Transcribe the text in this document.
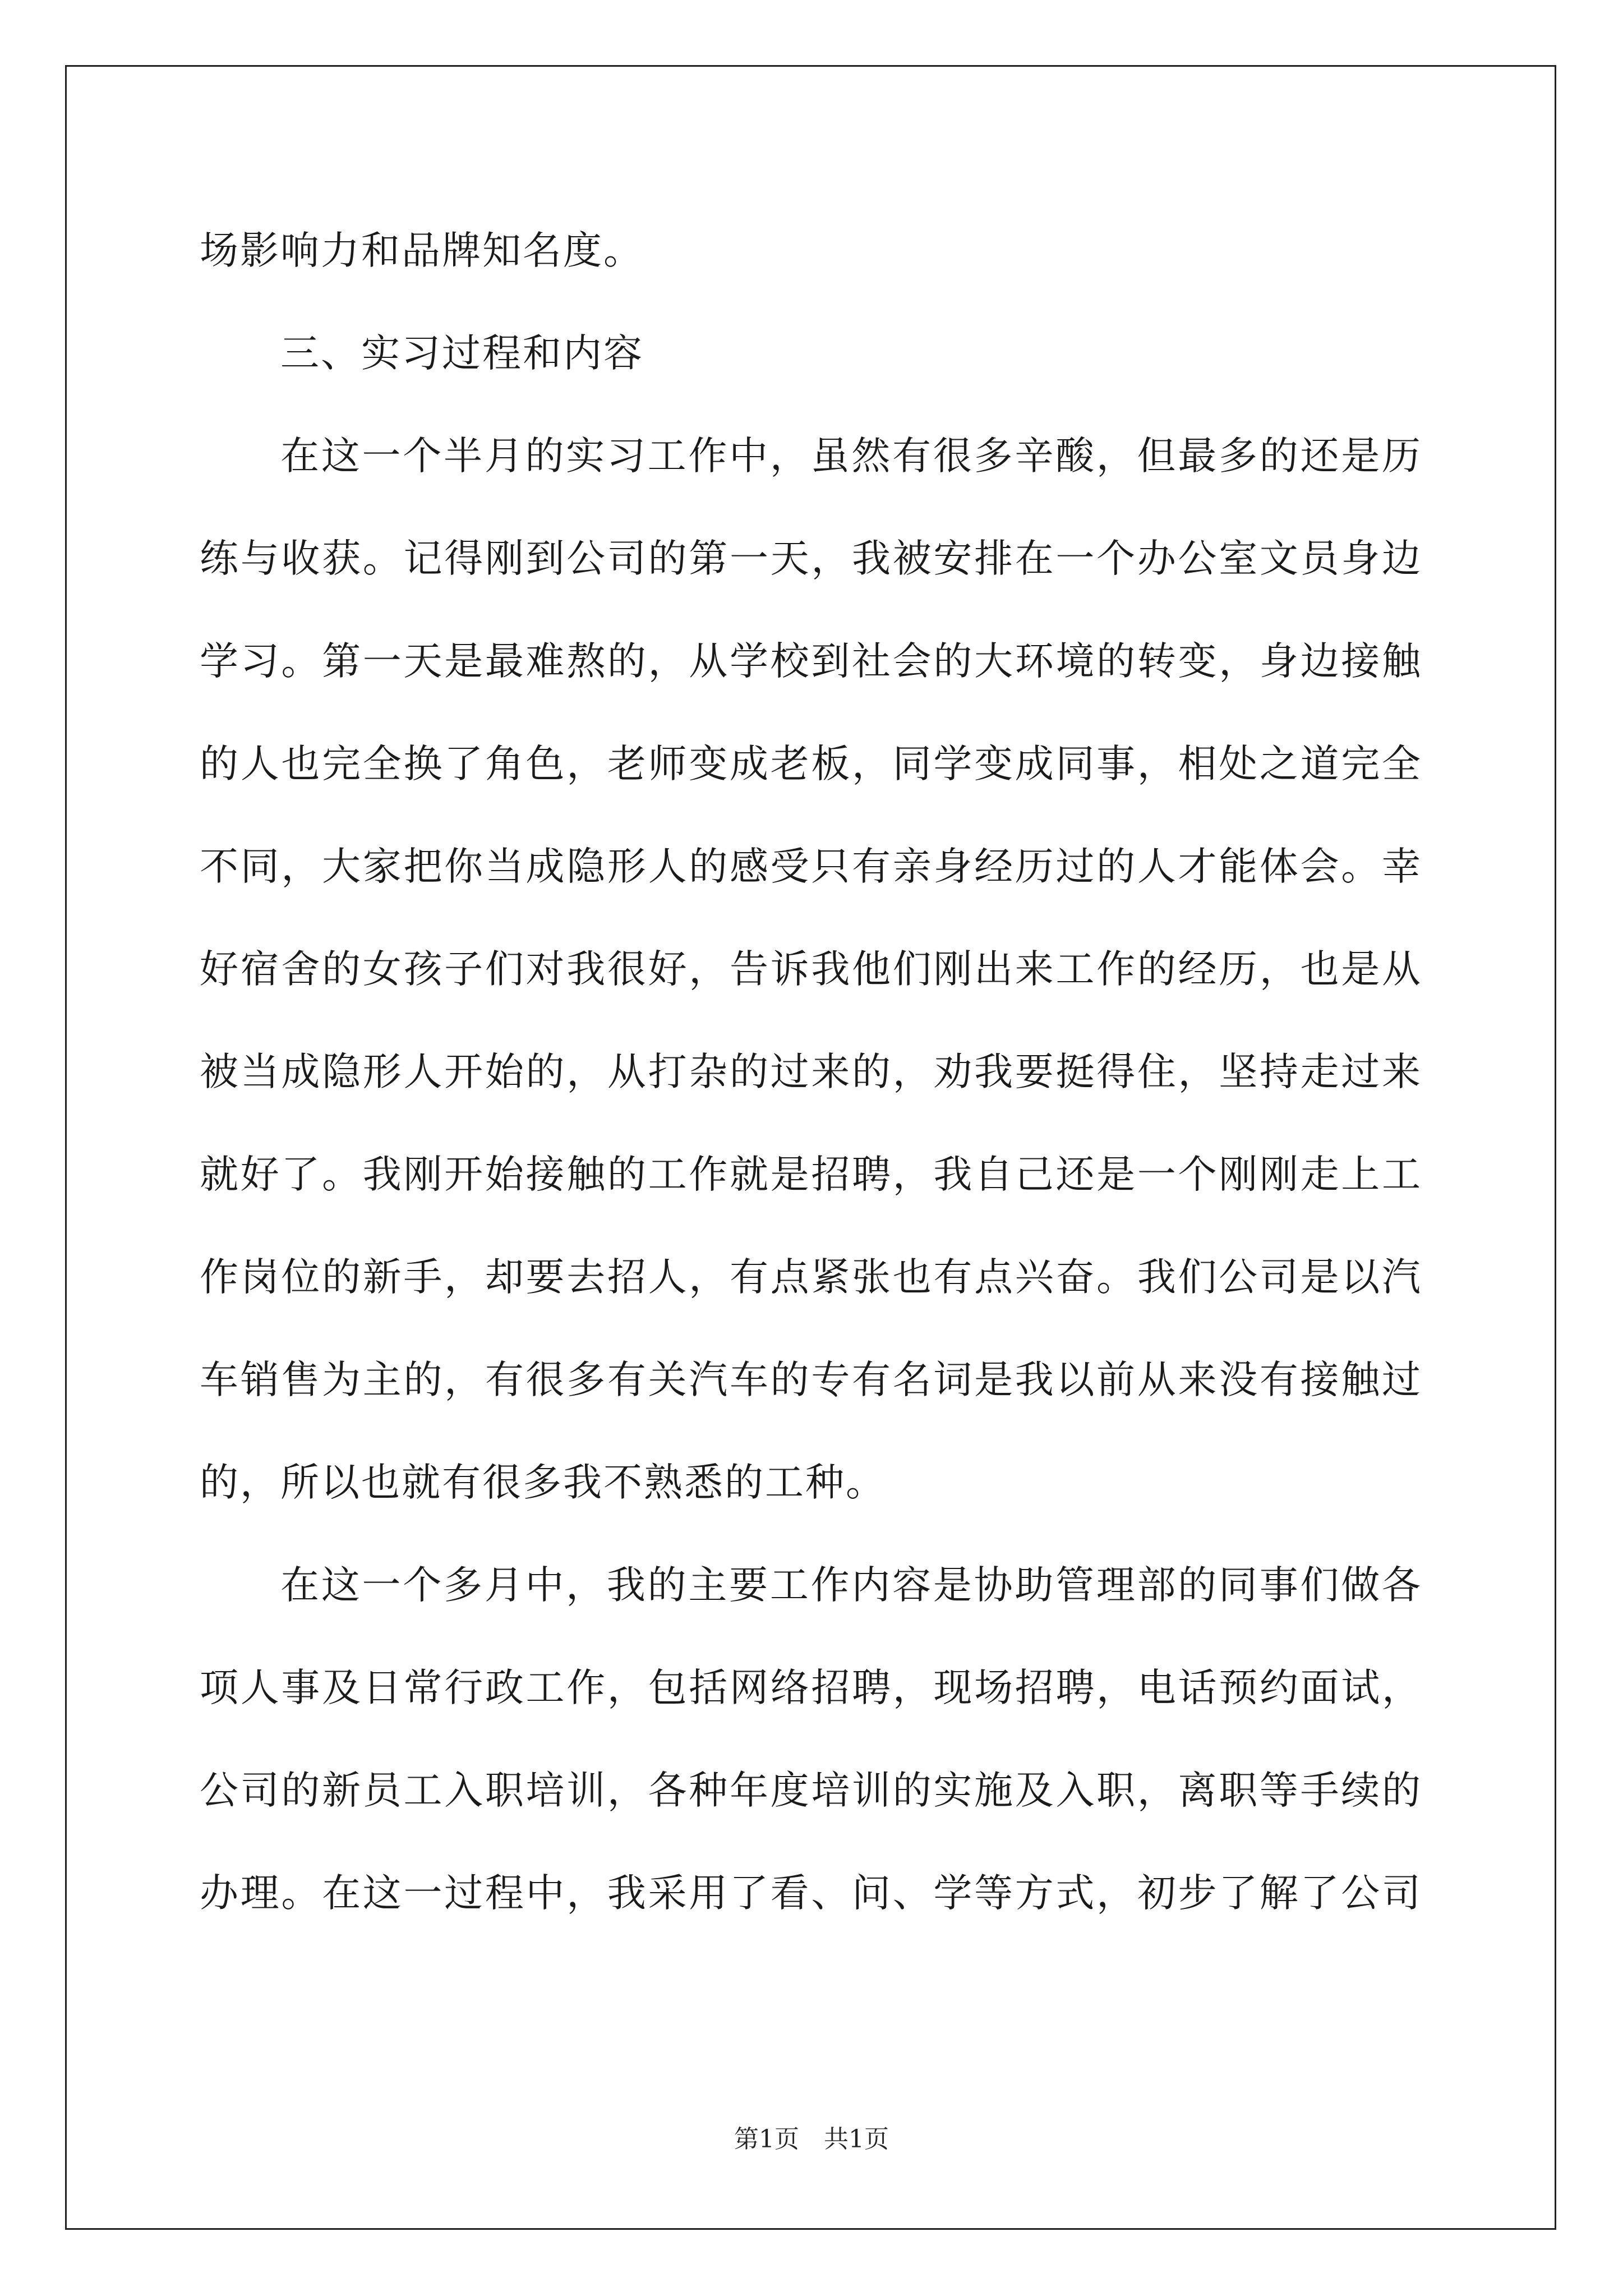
场影响力和品牌知名度。
三、实习过程和内容
在这一个半月的实习工作中，虽然有很多辛酸，但最多的还是历
练与收获。记得刚到公司的第一天，我被安排在一个办公室文员身边
学习。第一天是最难熬的，从学校到社会的大环境的转变，身边接触
的人也完全换了角色，老师变成老板，同学变成同事，相处之道完全
不同，大家把你当成隐形人的感受只有亲身经历过的人才能体会。幸
好宿舍的女孩子们对我很好，告诉我他们刚出来工作的经历，也是从
被当成隐形人开始的，从打杂的过来的，劝我要挺得住，坚持走过来
就好了。我刚开始接触的工作就是招聘，我自己还是一个刚刚走上工
作岗位的新手，却要去招人，有点紧张也有点兴奋。我们公司是以汽
车销售为主的，有很多有关汽车的专有名词是我以前从来没有接触过
的，所以也就有很多我不熟悉的工种。
在这一个多月中，我的主要工作内容是协助管理部的同事们做各
项人事及日常行政工作，包括网络招聘，现场招聘，电话预约面试，
公司的新员工入职培训，各种年度培训的实施及入职，离职等手续的
办理。在这一过程中，我采用了看、问、学等方式，初步了解了公司
第1页　共1页
